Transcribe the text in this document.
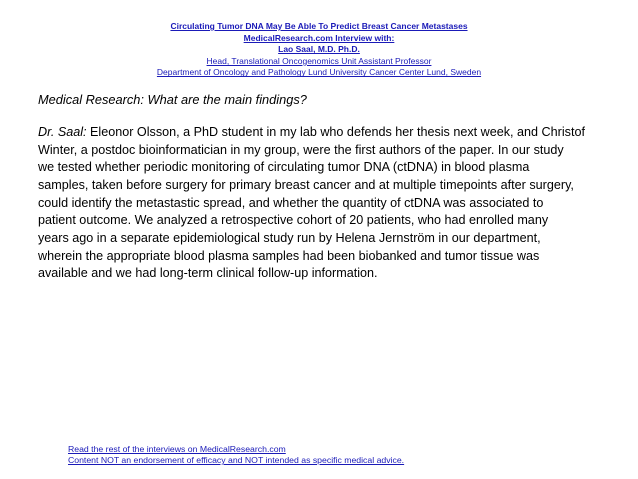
Circulating Tumor DNA May Be Able To Predict Breast Cancer Metastases
MedicalResearch.com Interview with:
Lao Saal, M.D. Ph.D.
Head, Translational Oncogenomics Unit Assistant Professor
Department of Oncology and Pathology Lund University Cancer Center Lund, Sweden
Medical Research: What are the main findings?
Dr. Saal: Eleonor Olsson, a PhD student in my lab who defends her thesis next week, and Christof
Winter, a postdoc bioinformatician in my group, were the first authors of the paper. In our study
we tested whether periodic monitoring of circulating tumor DNA (ctDNA) in blood plasma
samples, taken before surgery for primary breast cancer and at multiple timepoints after surgery,
could identify the metastastic spread, and whether the quantity of ctDNA was associated to
patient outcome. We analyzed a retrospective cohort of 20 patients, who had enrolled many
years ago in a separate epidemiological study run by Helena Jernström in our department,
wherein the appropriate blood plasma samples had been biobanked and tumor tissue was
available and we had long-term clinical follow-up information.
Read the rest of the interviews on MedicalResearch.com
Content NOT an endorsement of efficacy and NOT intended as specific medical advice.
